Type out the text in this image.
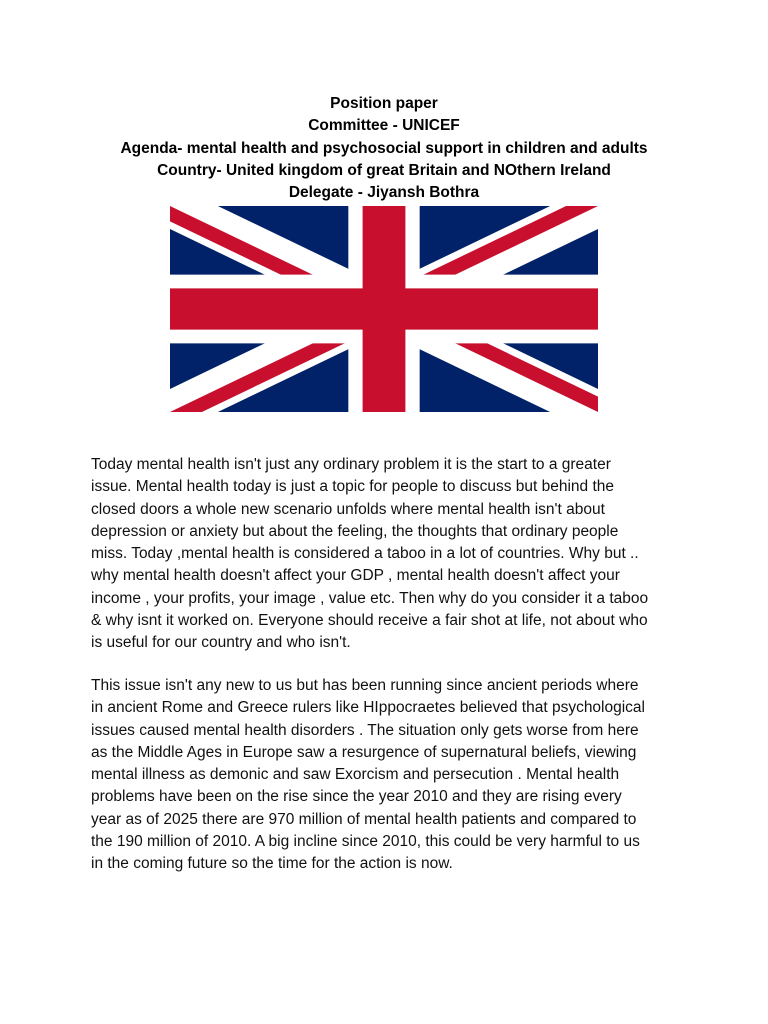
Position paper
Committee - UNICEF
Agenda- mental health and psychosocial support in children and adults
Country- United kingdom of great Britain and NOthern Ireland
Delegate - Jiyansh Bothra
Today mental health isn't just any ordinary problem it is the start to a greater
issue. Mental health today is just a topic for people to discuss but behind the
closed doors a whole new scenario unfolds where mental health isn't about
depression or anxiety but about the feeling, the thoughts that ordinary people
miss. Today ,mental health is considered a taboo in a lot of countries. Why but ..
why mental health doesn't affect your GDP , mental health doesn't affect your
income , your profits, your image , value etc. Then why do you consider it a taboo
& why isnt it worked on. Everyone should receive a fair shot at life, not about who
is useful for our country and who isn't.
This issue isn't any new to us but has been running since ancient periods where
in ancient Rome and Greece rulers like HIppocraetes believed that psychological
issues caused mental health disorders . The situation only gets worse from here
as the Middle Ages in Europe saw a resurgence of supernatural beliefs, viewing
mental illness as demonic and saw Exorcism and persecution . Mental health
problems have been on the rise since the year 2010 and they are rising every
year as of 2025 there are 970 million of mental health patients and compared to
the 190 million of 2010. A big incline since 2010, this could be very harmful to us
in the coming future so the time for the action is now.
